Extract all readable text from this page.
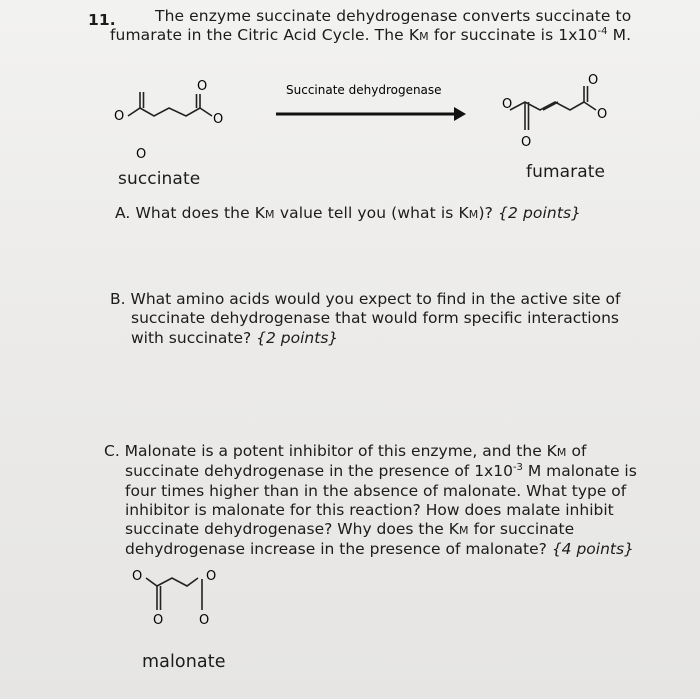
11.	The enzyme succinate dehydrogenase converts succinate to
fumarate in the Citric Acid Cycle. The KM for succinate is $1x10^{-4}$ M.
O
O
O
O
Succinate dehydrogenase
O
O
O
O
succinate	fumarate
A. What does the KM value tell you (what is KM)? {2 points}
B. What amino acids would you expect to find in the active site of
succinate dehydrogenase that would form specific interactions
with succinate? {2 points}
C. Malonate is a potent inhibitor of this enzyme, and the KM of
succinate dehydrogenase in the presence of $1x10^{-3}$ M malonate is
four times higher than in the absence of malonate. What type of
inhibitor is malonate for this reaction? How does malate inhibit
succinate dehydrogenase? Why does the KM for succinate
dehydrogenase increase in the presence of malonate? {4 points}
O
O	O
O
malonate
